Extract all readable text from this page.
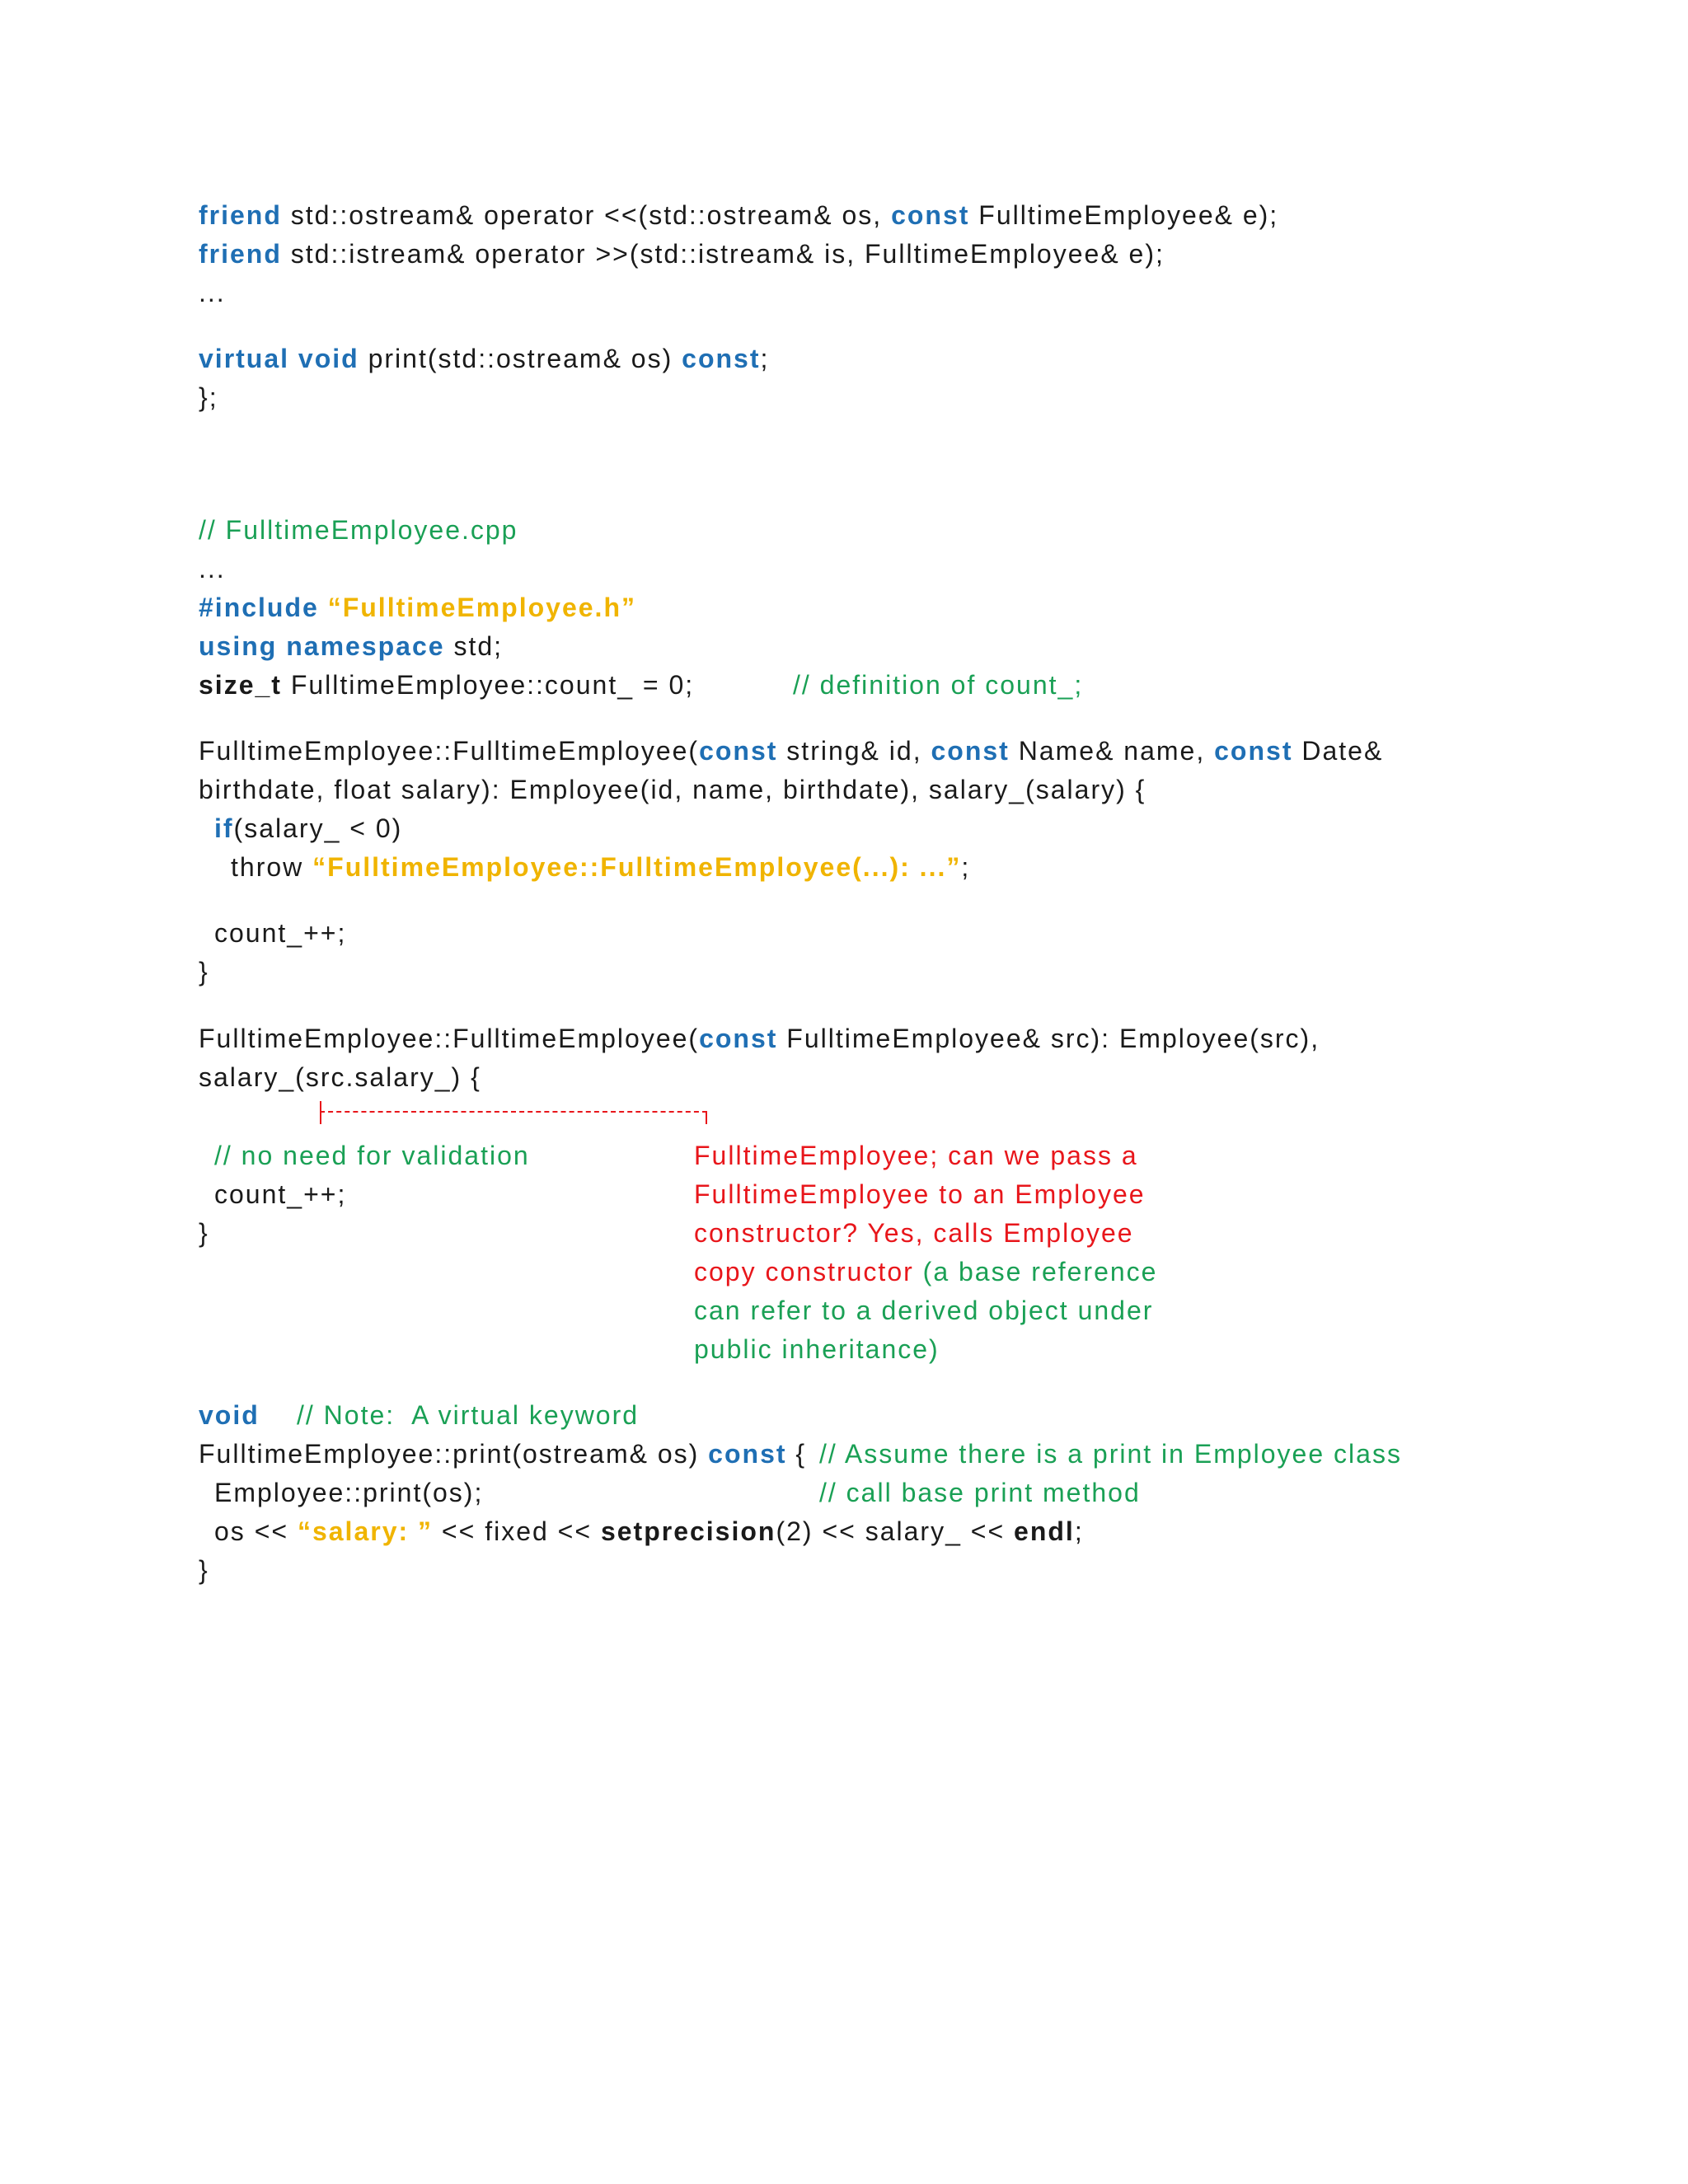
friend std::ostream& operator <<(std::ostream& os, const FulltimeEmployee& e);
friend std::istream& operator >>(std::istream& is, FulltimeEmployee& e);
...
virtual void print(std::ostream& os) const;
};
// FulltimeEmployee.cpp
...
#include “FulltimeEmployee.h”
using namespace std;
size_t FulltimeEmployee::count_ = 0;	// definition of count_;
FulltimeEmployee::FulltimeEmployee(const string& id, const Name& name, const Date&
birthdate, float salary): Employee(id, name, birthdate), salary_(salary) {
if(salary_ < 0)
throw “FulltimeEmployee::FulltimeEmployee(...): ...”;
count_++;
}
FulltimeEmployee::FulltimeEmployee(const FulltimeEmployee& src): Employee(src),
salary_(src.salary_) {
// no need for validation
count_++;
}
FulltimeEmployee; can we pass a
FulltimeEmployee to an Employee
constructor? Yes, calls Employee
copy constructor (a base reference
can refer to a derived object under
public inheritance)
void // Note:  A virtual keyword
FulltimeEmployee::print(ostream& os) const { // Assume there is a print in Employee class
Employee::print(os);	// call base print method
os << “salary: ” << fixed << setprecision(2) << salary_ << endl;
}
